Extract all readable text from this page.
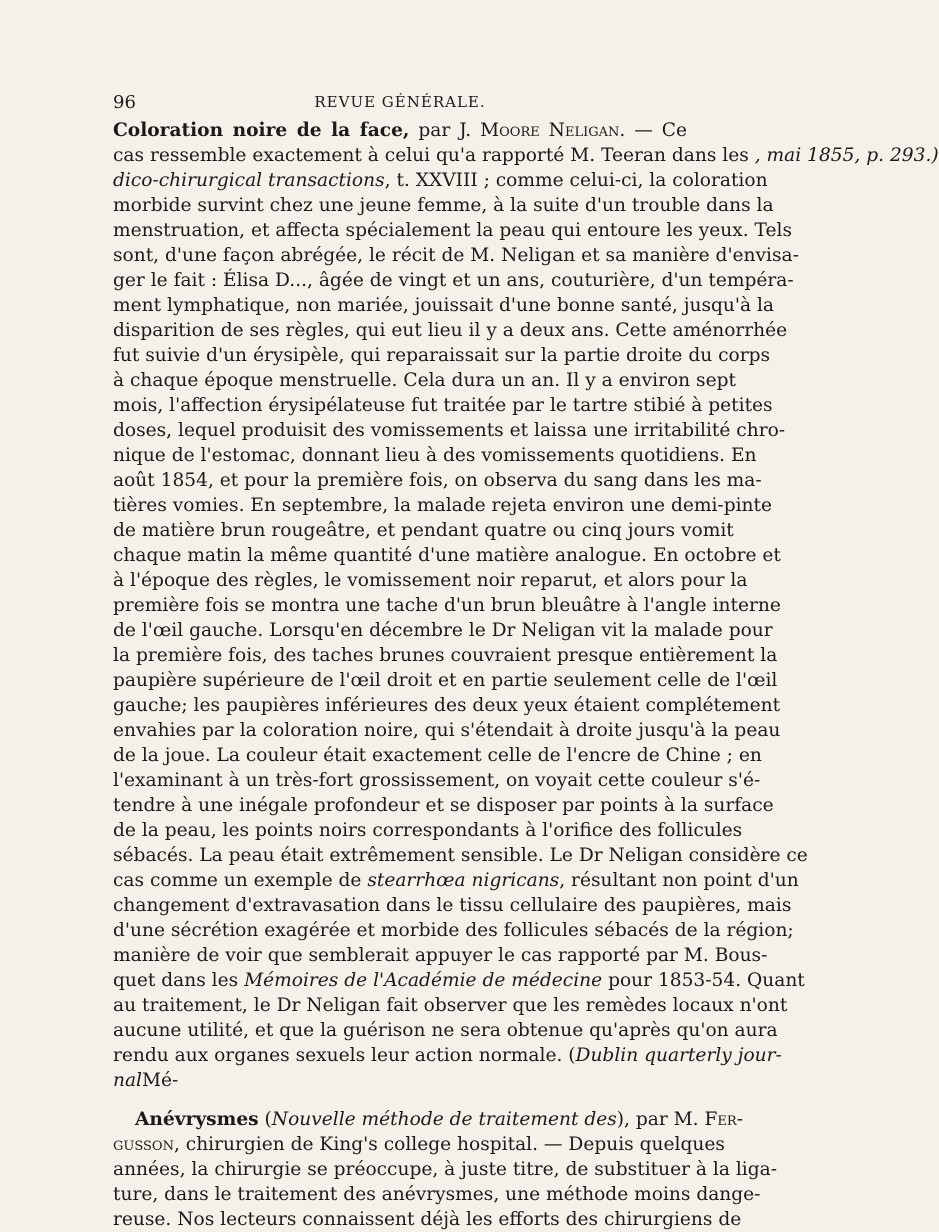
96	REVUE GÉNÉRALE.
Coloration noire de la face, par J. Moore Neligan. — Ce
cas ressemble exactement à celui qu'a rapporté M. Teeran dans les , mai 1855, p. 293.)
dico-chirurgical transactions, t. XXVIII ; comme celui-ci, la coloration
morbide survint chez une jeune femme, à la suite d'un trouble dans la
menstruation, et affecta spécialement la peau qui entoure les yeux. Tels
sont, d'une façon abrégée, le récit de M. Neligan et sa manière d'envisa-
ger le fait : Élisa D..., âgée de vingt et un ans, couturière, d'un tempéra-
ment lymphatique, non mariée, jouissait d'une bonne santé, jusqu'à la
disparition de ses règles, qui eut lieu il y a deux ans. Cette aménorrhée
fut suivie d'un érysipèle, qui reparaissait sur la partie droite du corps
à chaque époque menstruelle. Cela dura un an. Il y a environ sept
mois, l'affection érysipélateuse fut traitée par le tartre stibié à petites
doses, lequel produisit des vomissements et laissa une irritabilité chro-
nique de l'estomac, donnant lieu à des vomissements quotidiens. En
août 1854, et pour la première fois, on observa du sang dans les ma-
tières vomies. En septembre, la malade rejeta environ une demi-pinte
de matière brun rougeâtre, et pendant quatre ou cinq jours vomit
chaque matin la même quantité d'une matière analogue. En octobre et
à l'époque des règles, le vomissement noir reparut, et alors pour la
première fois se montra une tache d'un brun bleuâtre à l'angle interne
de l'œil gauche. Lorsqu'en décembre le Dr Neligan vit la malade pour
la première fois, des taches brunes couvraient presque entièrement la
paupière supérieure de l'œil droit et en partie seulement celle de l'œil
gauche; les paupières inférieures des deux yeux étaient complétement
envahies par la coloration noire, qui s'étendait à droite jusqu'à la peau
de la joue. La couleur était exactement celle de l'encre de Chine ; en
l'examinant à un très-fort grossissement, on voyait cette couleur s'é-
tendre à une inégale profondeur et se disposer par points à la surface
de la peau, les points noirs correspondants à l'orifice des follicules
sébacés. La peau était extrêmement sensible. Le Dr Neligan considère ce
cas comme un exemple de stearrhœa nigricans, résultant non point d'un
changement d'extravasation dans le tissu cellulaire des paupières, mais
d'une sécrétion exagérée et morbide des follicules sébacés de la région;
manière de voir que semblerait appuyer le cas rapporté par M. Bous-
quet dans les Mémoires de l'Académie de médecine pour 1853-54. Quant
au traitement, le Dr Neligan fait observer que les remèdes locaux n'ont
aucune utilité, et que la guérison ne sera obtenue qu'après qu'on aura
rendu aux organes sexuels leur action normale. (Dublin quarterly jour-
nalMé-
Anévrysmes (Nouvelle méthode de traitement des), par M. Fer-
gusson, chirurgien de King's college hospital. — Depuis quelques
années, la chirurgie se préoccupe, à juste titre, de substituer à la liga-
ture, dans le traitement des anévrysmes, une méthode moins dange-
reuse. Nos lecteurs connaissent déjà les efforts des chirurgiens de
